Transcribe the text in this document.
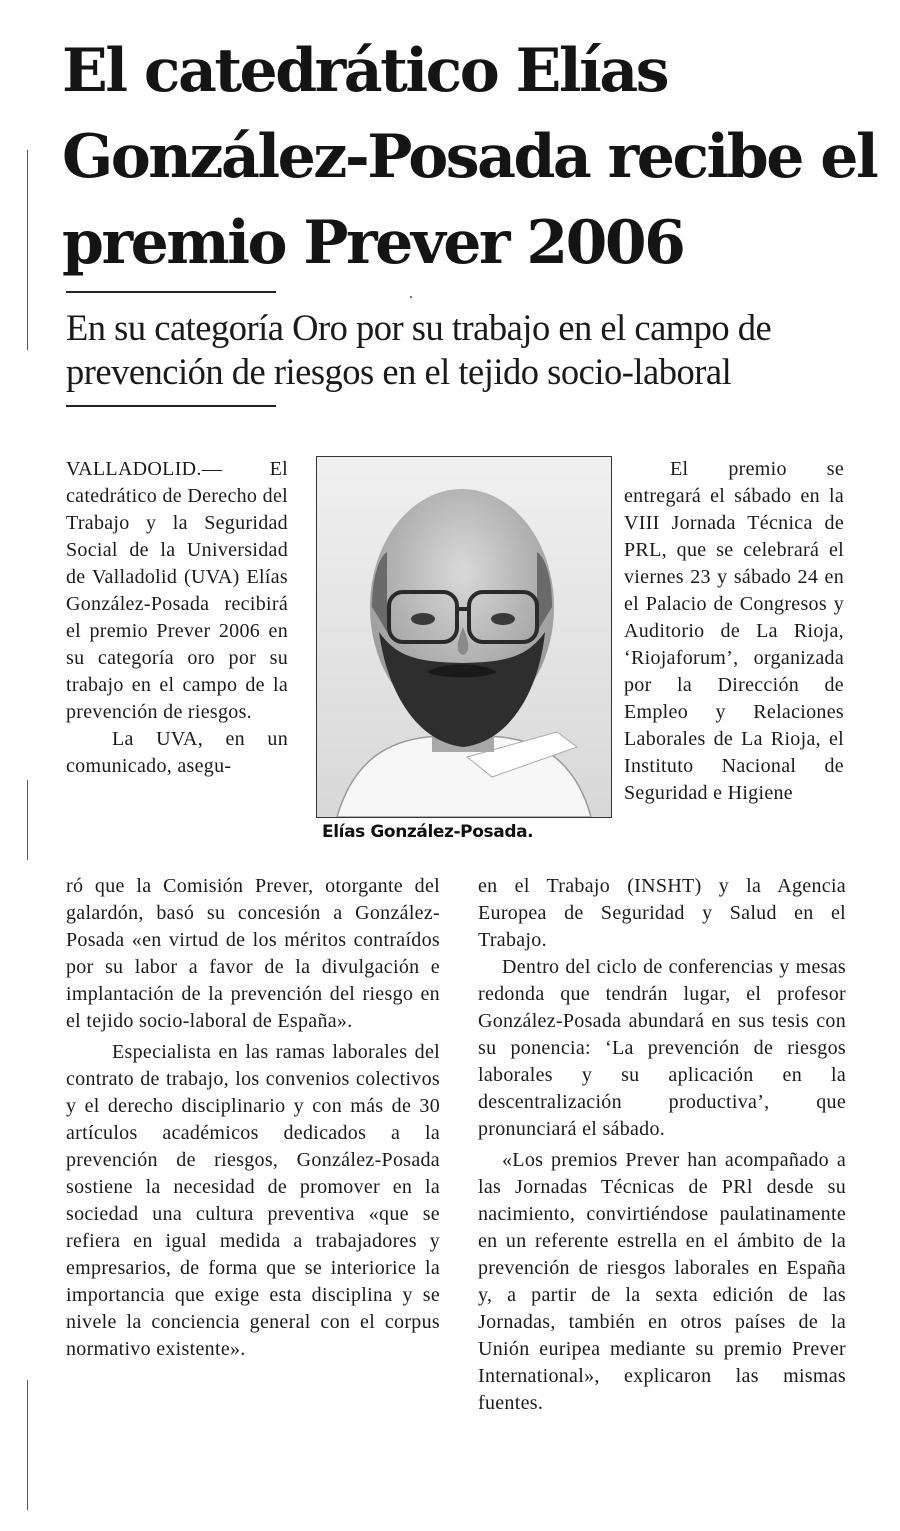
El catedrático Elías González-Posada recibe el premio Prever 2006

En su categoría Oro por su trabajo en el campo de prevención de riesgos en el tejido socio-laboral

VALLADOLID.— El catedrático de Derecho del Trabajo y la Seguridad Social de la Universidad de Valladolid (UVA) Elías González-Posada recibirá el premio Prever 2006 en su categoría oro por su trabajo en el campo de la prevención de riesgos.

La UVA, en un comunicado, asegu-

Elías González-Posada.

El premio se entregará el sábado en la VIII Jornada Técnica de PRL, que se celebrará el viernes 23 y sábado 24 en el Palacio de Congresos y Auditorio de La Rioja, ‘Riojaforum’, organizada por la Dirección de Empleo y Relaciones Laborales de La Rioja, el Instituto Nacional de Seguridad e Higiene

ró que la Comisión Prever, otorgante del galardón, basó su concesión a González-Posada «en virtud de los méritos contraídos por su labor a favor de la divulgación e implantación de la prevención del riesgo en el tejido socio-laboral de España».

Especialista en las ramas laborales del contrato de trabajo, los convenios colectivos y el derecho disciplinario y con más de 30 artículos académicos dedicados a la prevención de riesgos, González-Posada sostiene la necesidad de promover en la sociedad una cultura preventiva «que se refiera en igual medida a trabajadores y empresarios, de forma que se interiorice la importancia que exige esta disciplina y se nivele la conciencia general con el corpus normativo existente».

en el Trabajo (INSHT) y la Agencia Europea de Seguridad y Salud en el Trabajo.

Dentro del ciclo de conferencias y mesas redonda que tendrán lugar, el profesor González-Posada abundará en sus tesis con su ponencia: ‘La prevención de riesgos laborales y su aplicación en la descentralización productiva’, que pronunciará el sábado.

«Los premios Prever han acompañado a las Jornadas Técnicas de PRl desde su nacimiento, convirtiéndose paulatinamente en un referente estrella en el ámbito de la prevención de riesgos laborales en España y, a partir de la sexta edición de las Jornadas, también en otros países de la Unión euripea mediante su premio Prever International», explicaron las mismas fuentes.
